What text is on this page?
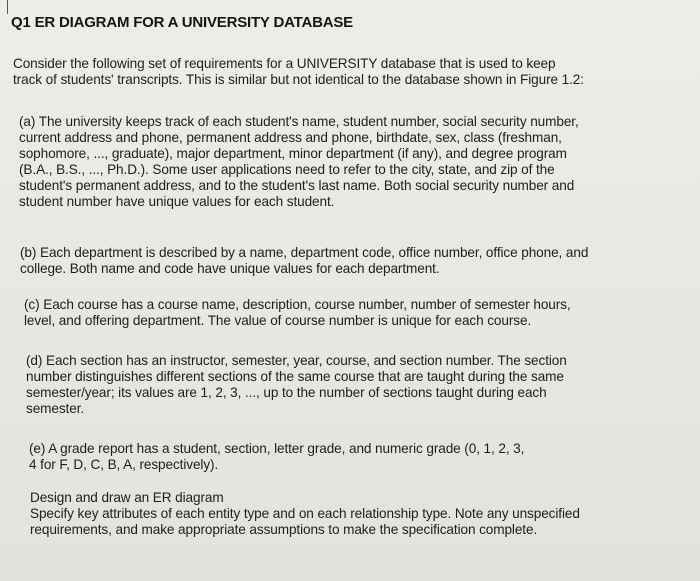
Q1 ER DIAGRAM FOR A UNIVERSITY DATABASE
Consider the following set of requirements for a UNIVERSITY database that is used to keep
track of students' transcripts. This is similar but not identical to the database shown in Figure 1.2:
(a) The university keeps track of each student's name, student number, social security number,
current address and phone, permanent address and phone, birthdate, sex, class (freshman,
sophomore, ..., graduate), major department, minor department (if any), and degree program
(B.A., B.S., ..., Ph.D.). Some user applications need to refer to the city, state, and zip of the
student's permanent address, and to the student's last name. Both social security number and
student number have unique values for each student.
(b) Each department is described by a name, department code, office number, office phone, and
college. Both name and code have unique values for each department.
(c) Each course has a course name, description, course number, number of semester hours,
level, and offering department. The value of course number is unique for each course.
(d) Each section has an instructor, semester, year, course, and section number. The section
number distinguishes different sections of the same course that are taught during the same
semester/year; its values are 1, 2, 3, ..., up to the number of sections taught during each
semester.
(e) A grade report has a student, section, letter grade, and numeric grade (0, 1, 2, 3,
4 for F, D, C, B, A, respectively).
Design and draw an ER diagram
Specify key attributes of each entity type and on each relationship type. Note any unspecified
requirements, and make appropriate assumptions to make the specification complete.
